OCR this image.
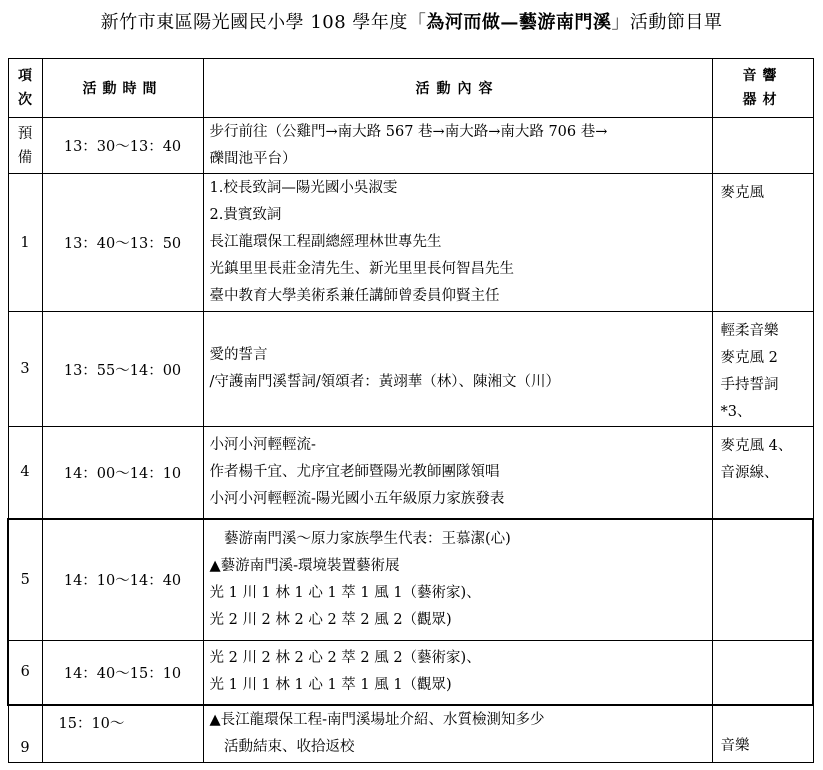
新竹市東區陽光國民小學 108 學年度「為河而做—藝游南門溪」活動節目單
項
次	活動時間	活動內容	音響
器材
預
備	13：30～13：40	步行前往（公雞門→南大路 567 巷→南大路→南大路 706 巷→
礫間池平台）	

1	13：40～13：50	1.校長致詞—陽光國小吳淑雯
2.貴賓致詞
長江龍環保工程副總經理林世專先生
光鎮里里長莊金清先生、新光里里長何智昌先生
臺中教育大學美術系兼任講師曾委員仰賢主任	麥克風

3	13：55～14：00	愛的誓言
/守護南門溪誓詞/領頌者：黃翊華（林）、陳湘文（川）	輕柔音樂
麥克風 2
手持誓詞
*3、

4	14：00～14：10	小河小河輕輕流-
作者楊千宜、尤序宜老師暨陽光教師團隊領唱
小河小河輕輕流-陽光國小五年級原力家族發表	麥克風 4、
音源線、

5	14：10～14：40	　藝游南門溪～原力家族學生代表：王慕潔(心)
▲藝游南門溪-環境裝置藝術展
光 1 川 1 林 1 心 1 萃 1 風 1（藝術家)、
光 2 川 2 林 2 心 2 萃 2 風 2（觀眾)	

6	14：40～15：10	光 2 川 2 林 2 心 2 萃 2 風 2（藝術家)、
光 1 川 1 林 1 心 1 萃 1 風 1（觀眾)	

9	15：10～	▲長江龍環保工程-南門溪場址介紹、水質檢測知多少
　活動結束、收拾返校	音樂
